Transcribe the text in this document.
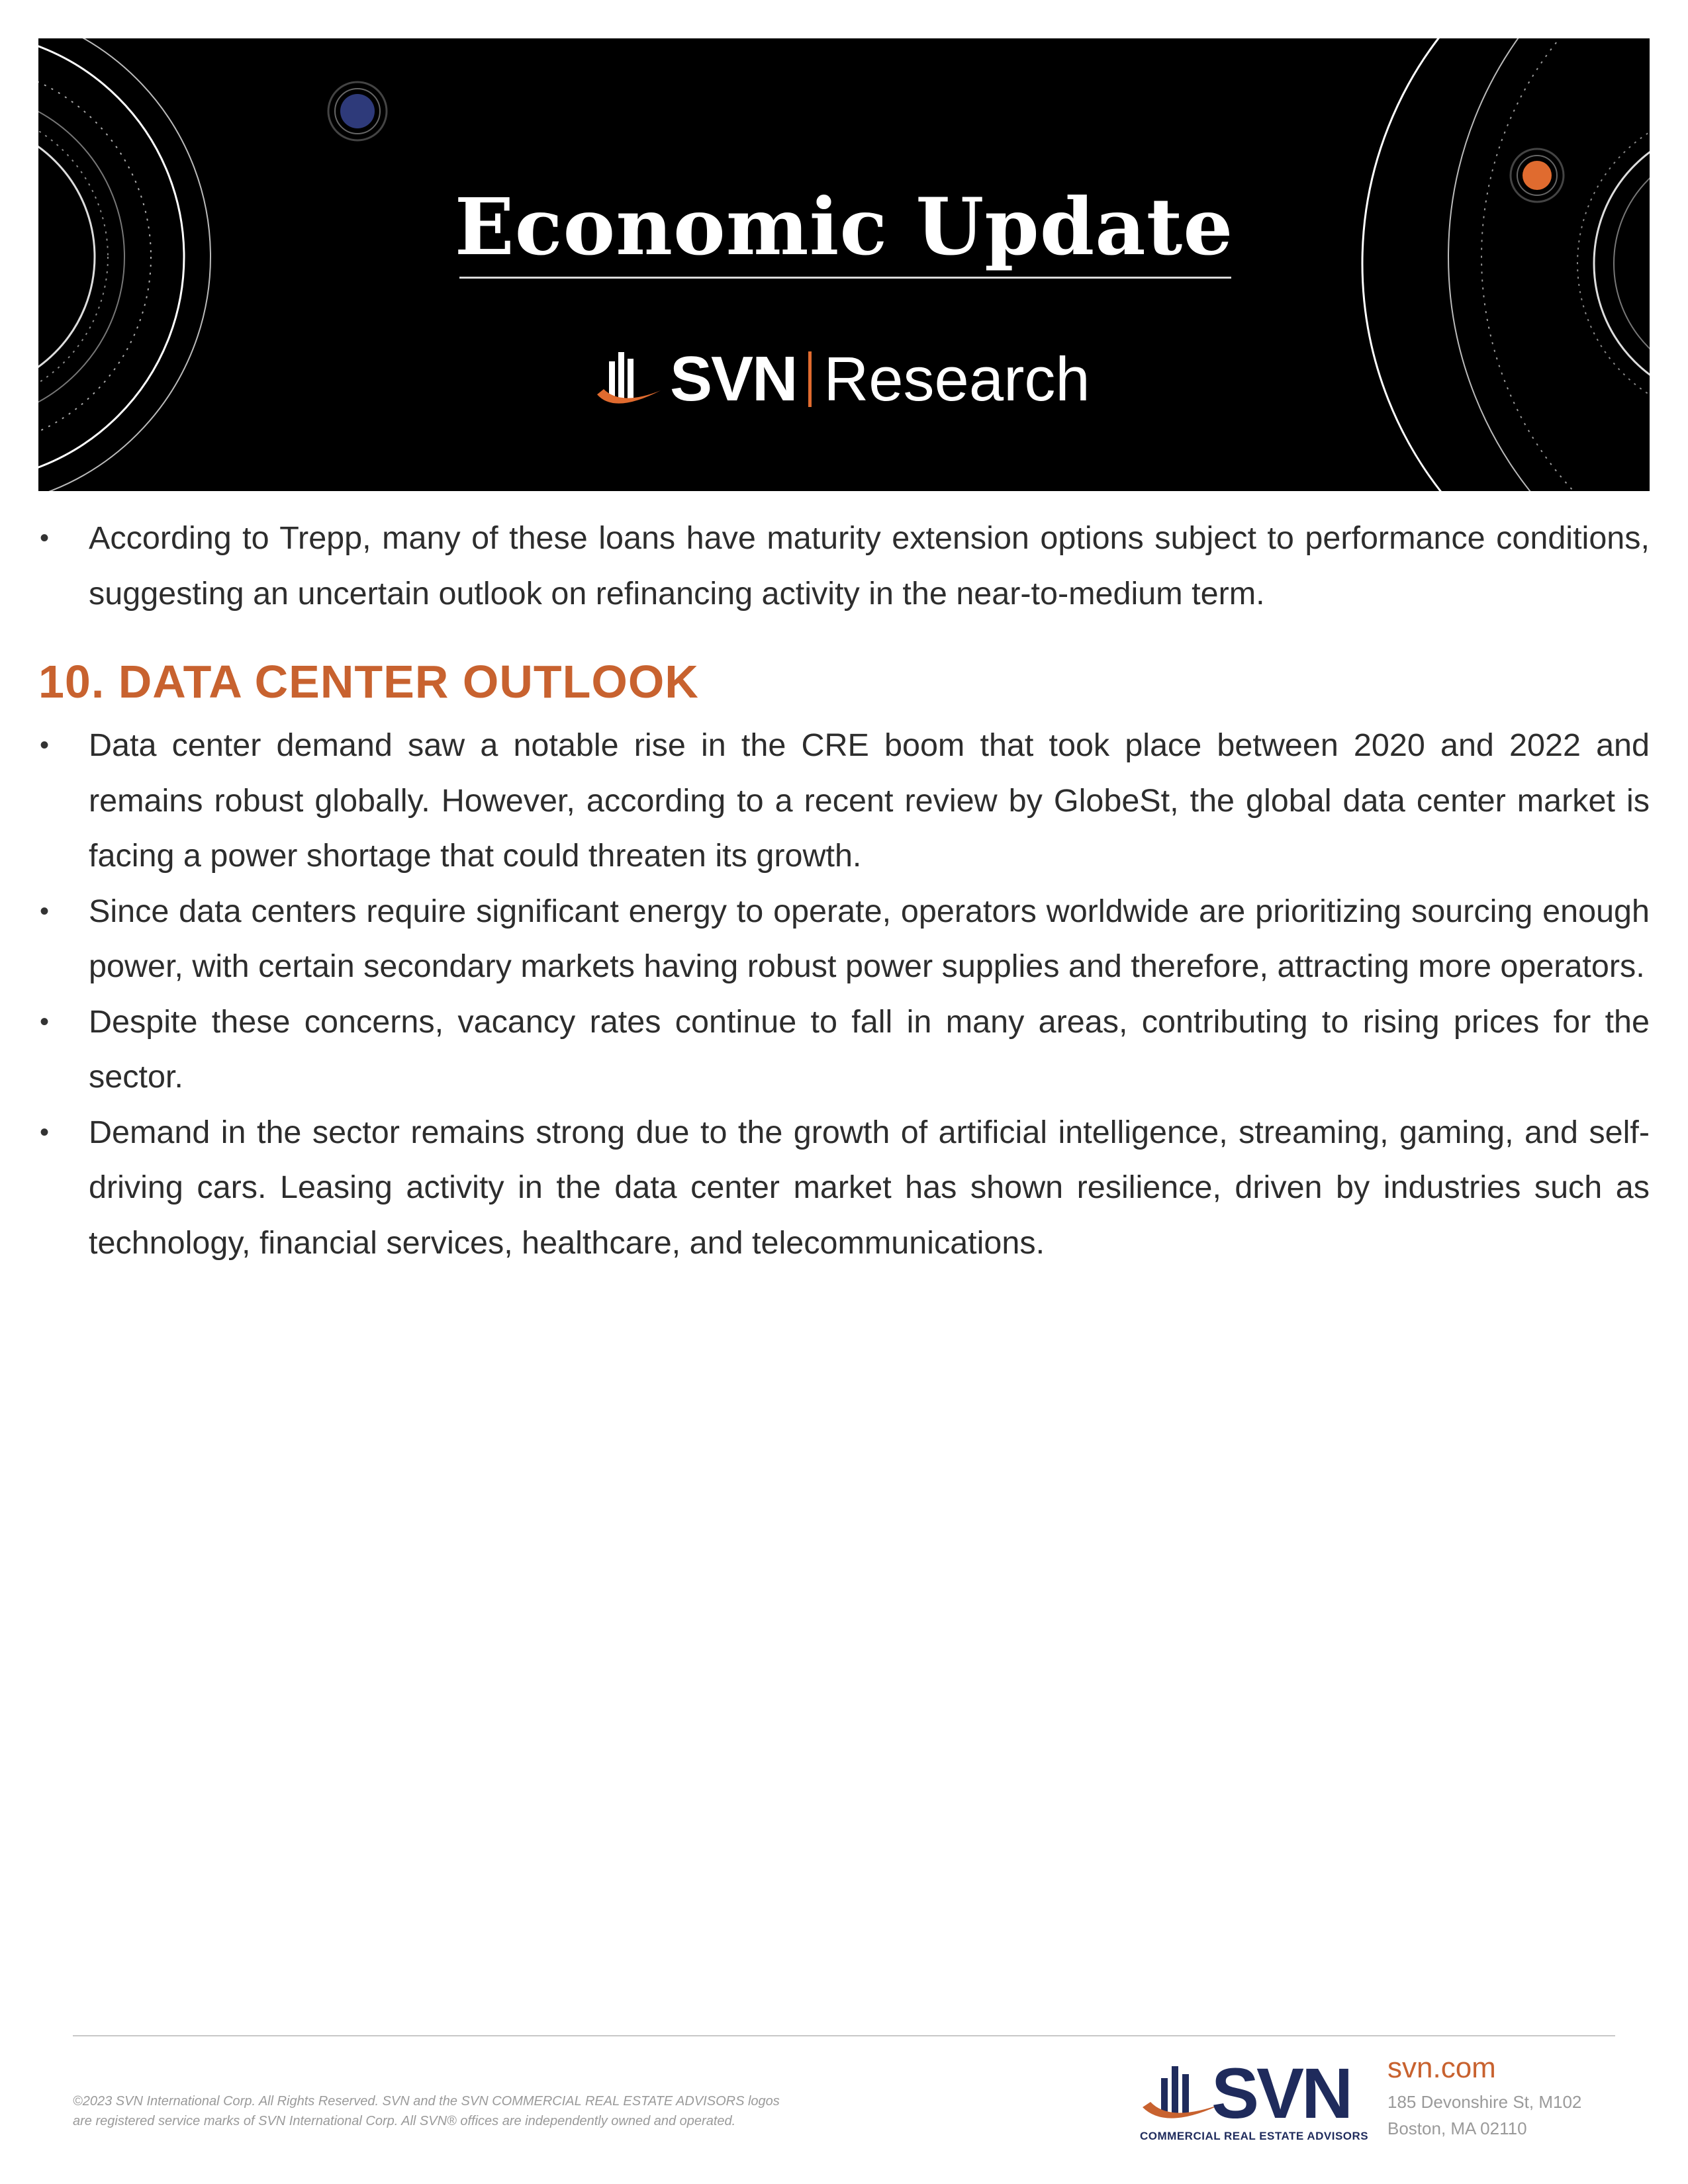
Economic Update
SVN Research
• According to Trepp, many of these loans have maturity extension options subject to performance conditions, suggesting an uncertain outlook on refinancing activity in the near-to-medium term.
10. DATA CENTER OUTLOOK
• Data center demand saw a notable rise in the CRE boom that took place between 2020 and 2022 and remains robust globally. However, according to a recent review by GlobeSt, the global data center market is facing a power shortage that could threaten its growth.
• Since data centers require significant energy to operate, operators worldwide are prioritizing sourcing enough power, with certain secondary markets having robust power supplies and therefore, attracting more operators.
• Despite these concerns, vacancy rates continue to fall in many areas, contributing to rising prices for the sector.
• Demand in the sector remains strong due to the growth of artificial intelligence, streaming, gaming, and self-driving cars. Leasing activity in the data center market has shown resilience, driven by industries such as technology, financial services, healthcare, and telecommunications.
©2023 SVN International Corp. All Rights Reserved. SVN and the SVN COMMERCIAL REAL ESTATE ADVISORS logos
are registered service marks of SVN International Corp. All SVN® offices are independently owned and operated.	SVN
COMMERCIAL REAL ESTATE ADVISORS
svn.com
185 Devonshire St, M102
Boston, MA 02110
